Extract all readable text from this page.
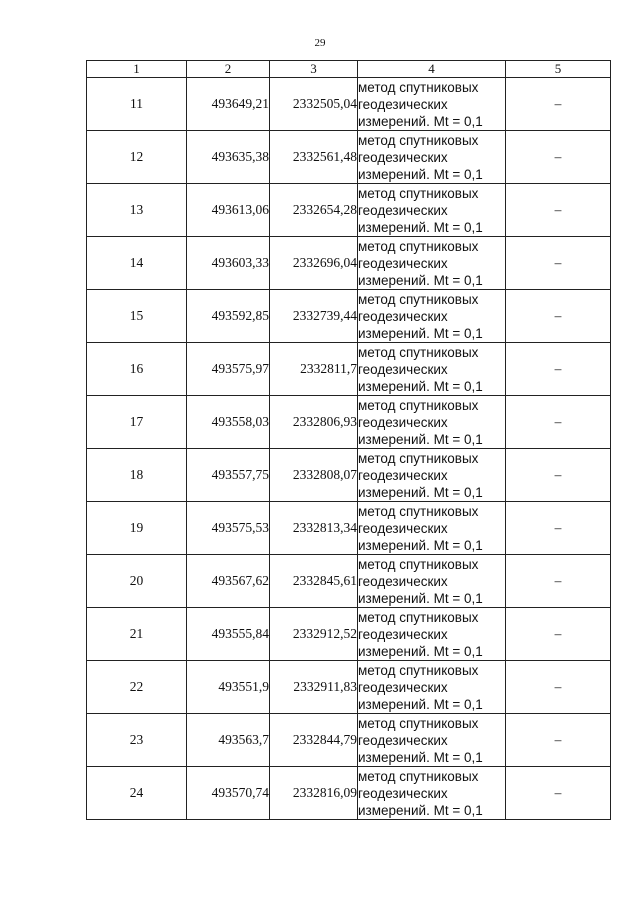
29
1	2	3	4	5
11	493649,21	2332505,04	метод спутниковых
геодезических
измерений. Mt = 0,1	–
12	493635,38	2332561,48	метод спутниковых
геодезических
измерений. Mt = 0,1	–
13	493613,06	2332654,28	метод спутниковых
геодезических
измерений. Mt = 0,1	–
14	493603,33	2332696,04	метод спутниковых
геодезических
измерений. Mt = 0,1	–
15	493592,85	2332739,44	метод спутниковых
геодезических
измерений. Mt = 0,1	–
16	493575,97	2332811,7	метод спутниковых
геодезических
измерений. Mt = 0,1	–
17	493558,03	2332806,93	метод спутниковых
геодезических
измерений. Mt = 0,1	–
18	493557,75	2332808,07	метод спутниковых
геодезических
измерений. Mt = 0,1	–
19	493575,53	2332813,34	метод спутниковых
геодезических
измерений. Mt = 0,1	–
20	493567,62	2332845,61	метод спутниковых
геодезических
измерений. Mt = 0,1	–
21	493555,84	2332912,52	метод спутниковых
геодезических
измерений. Mt = 0,1	–
22	493551,9	2332911,83	метод спутниковых
геодезических
измерений. Mt = 0,1	–
23	493563,7	2332844,79	метод спутниковых
геодезических
измерений. Mt = 0,1	–
24	493570,74	2332816,09	метод спутниковых
геодезических
измерений. Mt = 0,1	–
